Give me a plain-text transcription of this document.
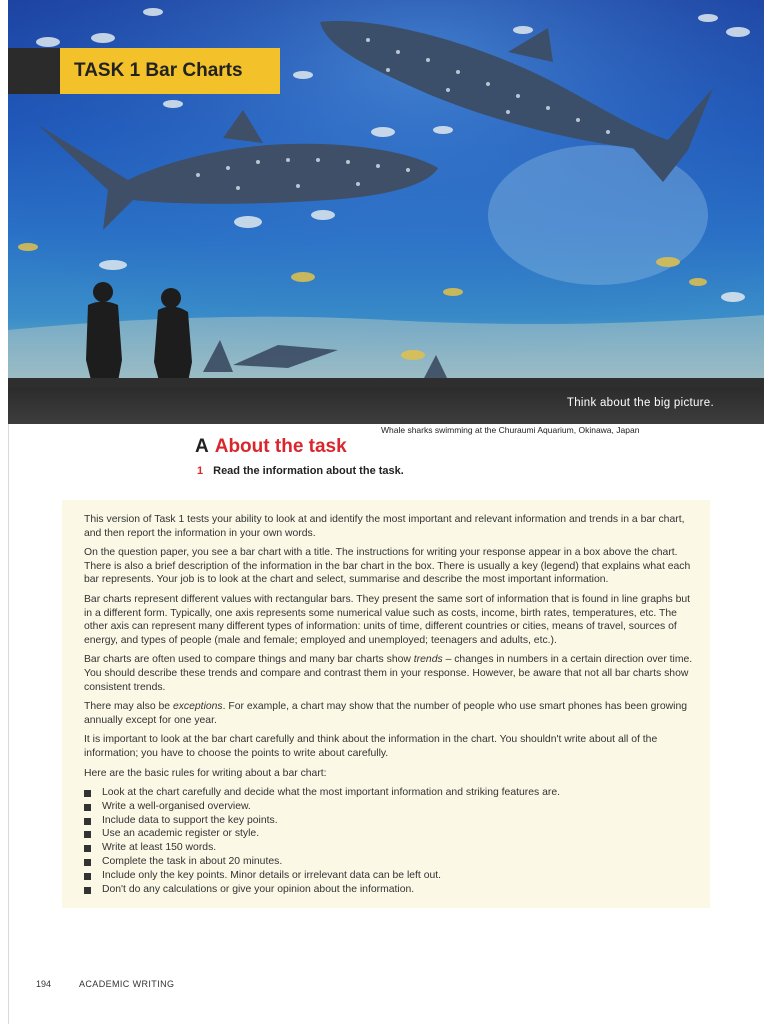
Think about the big picture.
TASK 1 Bar Charts
Whale sharks swimming at the Churaumi Aquarium, Okinawa, Japan
A About the task
1 Read the information about the task.

This version of Task 1 tests your ability to look at and identify the most important and relevant information and trends in a bar chart, and then report the information in your own words.

On the question paper, you see a bar chart with a title. The instructions for writing your response appear in a box above the chart. There is also a brief description of the information in the bar chart in the box. There is usually a key (legend) that explains what each bar represents. Your job is to look at the chart and select, summarise and describe the most important information.

Bar charts represent different values with rectangular bars. They present the same sort of information that is found in line graphs but in a different form. Typically, one axis represents some numerical value such as costs, income, birth rates, temperatures, etc. The other axis can represent many different types of information: units of time, different countries or cities, means of travel, sources of energy, and types of people (male and female; employed and unemployed; teenagers and adults, etc.).

Bar charts are often used to compare things and many bar charts show trends – changes in numbers in a certain direction over time. You should describe these trends and compare and contrast them in your response. However, be aware that not all bar charts show consistent trends.

There may also be exceptions. For example, a chart may show that the number of people who use smart phones has been growing annually except for one year.

It is important to look at the bar chart carefully and think about the information in the chart. You shouldn't write about all of the information; you have to choose the points to write about carefully.

Here are the basic rules for writing about a bar chart:

Look at the chart carefully and decide what the most important information and striking features are.
Write a well-organised overview.
Include data to support the key points.
Use an academic register or style.
Write at least 150 words.
Complete the task in about 20 minutes.
Include only the key points. Minor details or irrelevant data can be left out.
Don't do any calculations or give your opinion about the information.
194	ACADEMIC WRITING
